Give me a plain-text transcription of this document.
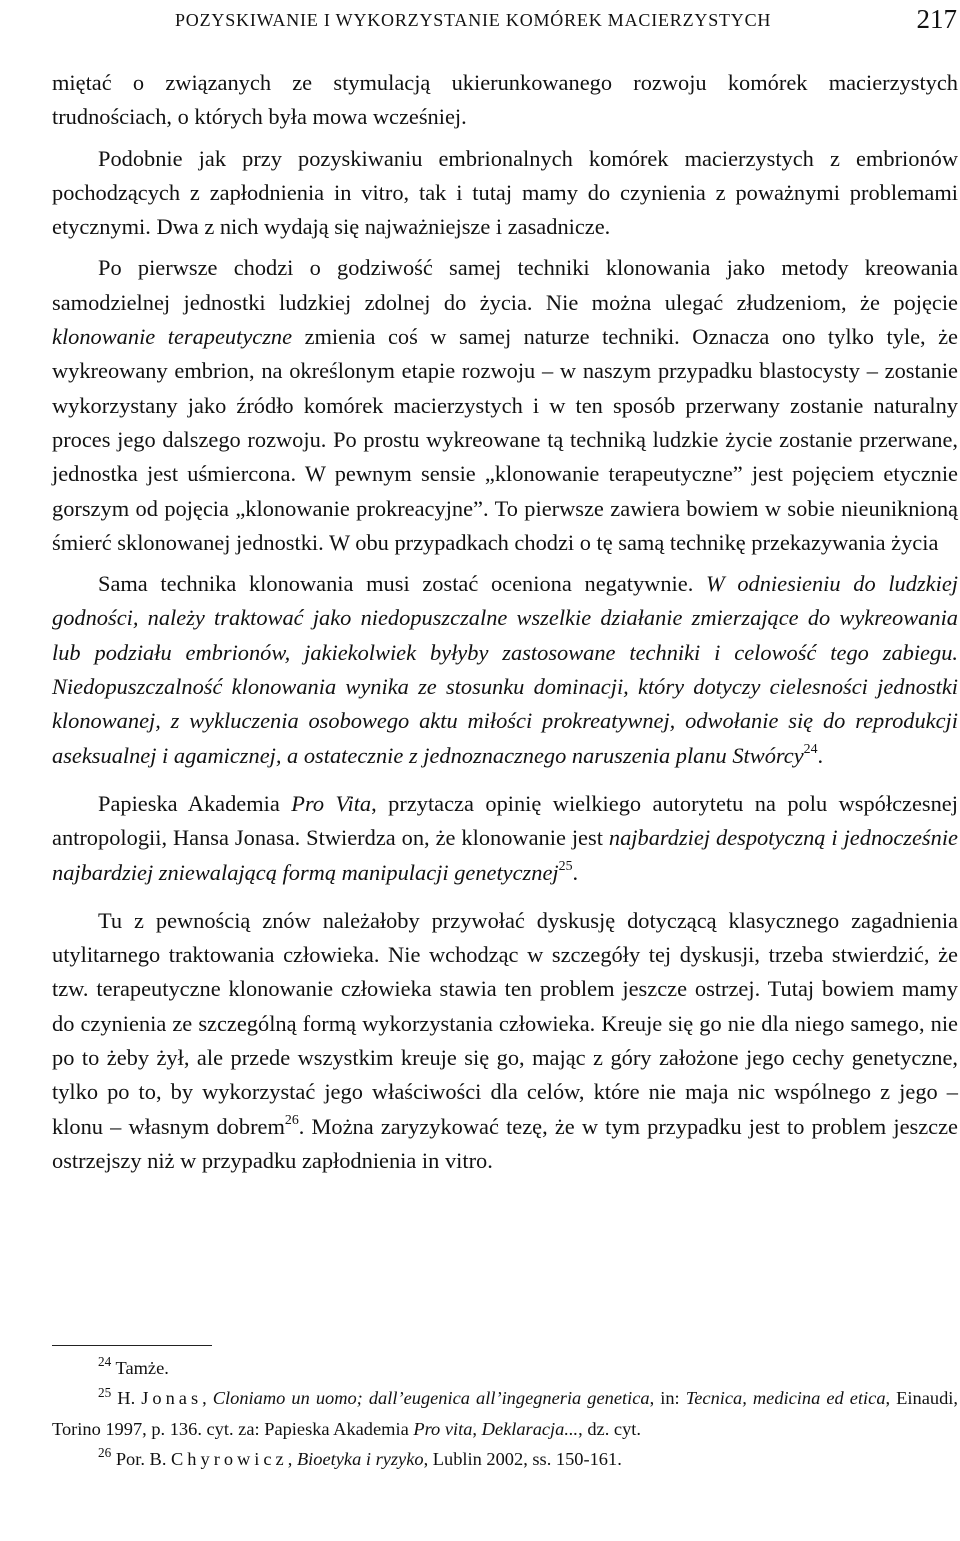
POZYSKIWANIE I WYKORZYSTANIE KOMÓREK MACIERZYSTYCH	217

miętać o związanych ze stymulacją ukierunkowanego rozwoju komórek macierzystych trudnościach, o których była mowa wcześniej.

Podobnie jak przy pozyskiwaniu embrionalnych komórek macierzystych z embrionów pochodzących z zapłodnienia in vitro, tak i tutaj mamy do czynienia z poważnymi problemami etycznymi. Dwa z nich wydają się najważniejsze i zasadnicze.

Po pierwsze chodzi o godziwość samej techniki klonowania jako metody kreowania samodzielnej jednostki ludzkiej zdolnej do życia. Nie można ulegać złudzeniom, że pojęcie klonowanie terapeutyczne zmienia coś w samej naturze techniki. Oznacza ono tylko tyle, że wykreowany embrion, na określonym etapie rozwoju – w naszym przypadku blastocysty – zostanie wykorzystany jako źródło komórek macierzystych i w ten sposób przerwany zostanie naturalny proces jego dalszego rozwoju. Po prostu wykreowane tą techniką ludzkie życie zostanie przerwane, jednostka jest uśmiercona. W pewnym sensie „klonowanie terapeutyczne” jest pojęciem etycznie gorszym od pojęcia „klonowanie prokreacyjne”. To pierwsze zawiera bowiem w sobie nieuniknioną śmierć sklonowanej jednostki. W obu przypadkach chodzi o tę samą technikę przekazywania życia

Sama technika klonowania musi zostać oceniona negatywnie. W odniesieniu do ludzkiej godności, należy traktować jako niedopuszczalne wszelkie działanie zmierzające do wykreowania lub podziału embrionów, jakiekolwiek byłyby zastosowane techniki i celowość tego zabiegu. Niedopuszczalność klonowania wynika ze stosunku dominacji, który dotyczy cielesności jednostki klonowanej, z wykluczenia osobowego aktu miłości prokreatywnej, odwołanie się do reprodukcji aseksualnej i agamicznej, a ostatecznie z jednoznacznego naruszenia planu Stwórcy$^{24}$.

Papieska Akademia Pro Vita, przytacza opinię wielkiego autorytetu na polu współczesnej antropologii, Hansa Jonasa. Stwierdza on, że klonowanie jest najbardziej despotyczną i jednocześnie najbardziej zniewalającą formą manipulacji genetycznej$^{25}$.

Tu z pewnością znów należałoby przywołać dyskusję dotyczącą klasycznego zagadnienia utylitarnego traktowania człowieka. Nie wchodząc w szczegóły tej dyskusji, trzeba stwierdzić, że tzw. terapeutyczne klonowanie człowieka stawia ten problem jeszcze ostrzej. Tutaj bowiem mamy do czynienia ze szczególną formą wykorzystania człowieka. Kreuje się go nie dla niego samego, nie po to żeby żył, ale przede wszystkim kreuje się go, mając z góry założone jego cechy genetyczne, tylko po to, by wykorzystać jego właściwości dla celów, które nie maja nic wspólnego z jego – klonu – własnym dobrem$^{26}$. Można zaryzykować tezę, że w tym przypadku jest to problem jeszcze ostrzejszy niż w przypadku zapłodnienia in vitro.

$^{24}$ Tamże.

$^{25}$ H. Jonas, Cloniamo un uomo; dall’eugenica all’ingegneria genetica, in: Tecnica, medicina ed etica, Einaudi, Torino 1997, p. 136. cyt. za: Papieska Akademia Pro vita, Deklaracja..., dz. cyt.

$^{26}$ Por. B. Chyrowicz, Bioetyka i ryzyko, Lublin 2002, ss. 150-161.
